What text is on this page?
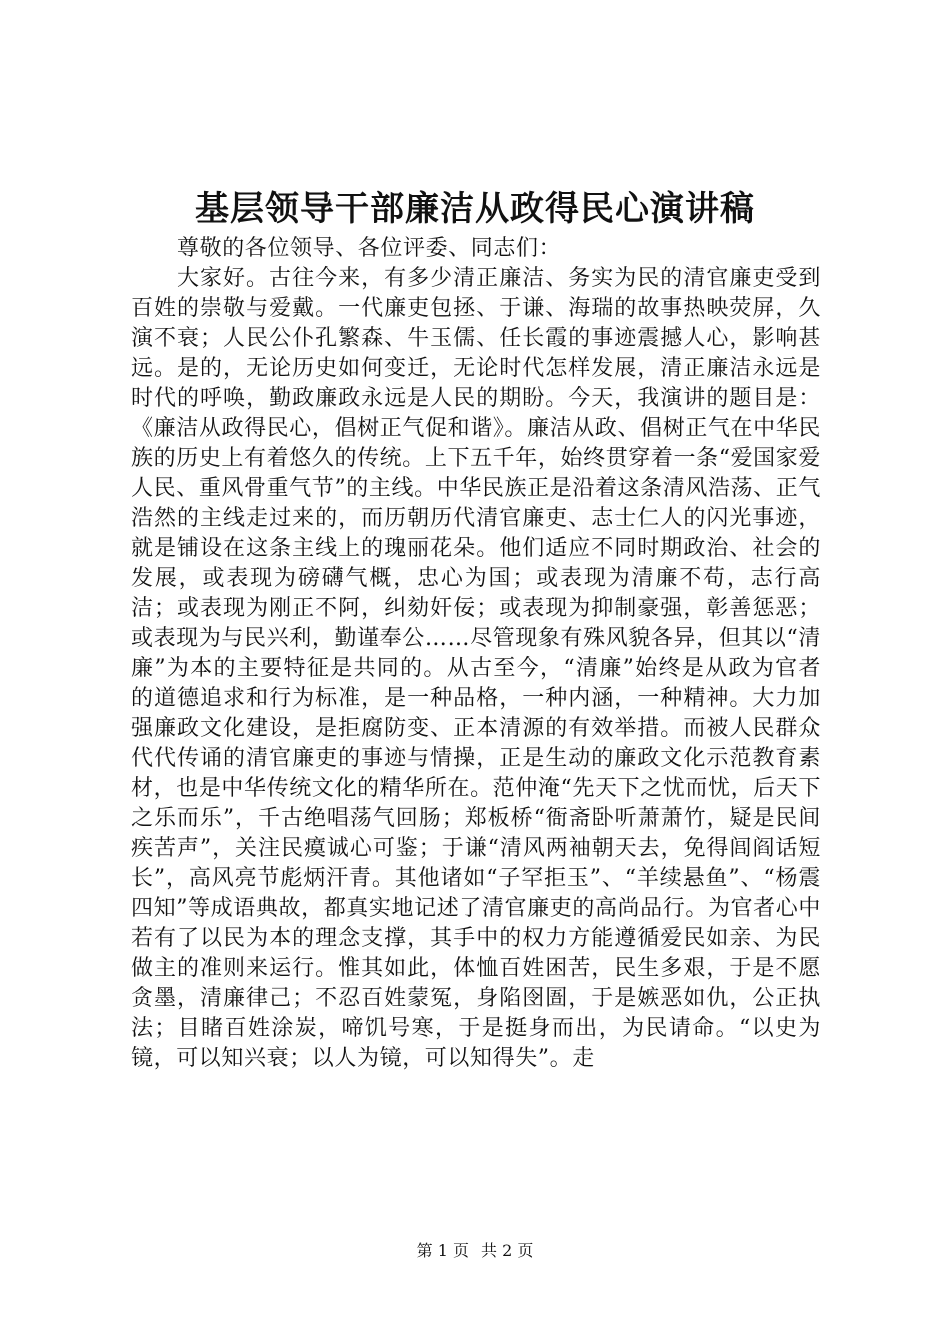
基层领导干部廉洁从政得民心演讲稿

尊敬的各位领导、各位评委、同志们：

大家好。古往今来，有多少清正廉洁、务实为民的清官廉吏受到百姓的崇敬与爱戴。一代廉吏包拯、于谦、海瑞的故事热映荧屏，久演不衰；人民公仆孔繁森、牛玉儒、任长霞的事迹震撼人心，影响甚远。是的，无论历史如何变迁，无论时代怎样发展，清正廉洁永远是时代的呼唤，勤政廉政永远是人民的期盼。今天，我演讲的题目是：《廉洁从政得民心，倡树正气促和谐》。廉洁从政、倡树正气在中华民族的历史上有着悠久的传统。上下五千年，始终贯穿着一条“爱国家爱人民、重风骨重气节”的主线。中华民族正是沿着这条清风浩荡、正气浩然的主线走过来的，而历朝历代清官廉吏、志士仁人的闪光事迹，就是铺设在这条主线上的瑰丽花朵。他们适应不同时期政治、社会的发展，或表现为磅礴气概，忠心为国；或表现为清廉不苟，志行高洁；或表现为刚正不阿，纠劾奸佞；或表现为抑制豪强，彰善惩恶；或表现为与民兴利，勤谨奉公……尽管现象有殊风貌各异，但其以“清廉”为本的主要特征是共同的。从古至今，“清廉”始终是从政为官者的道德追求和行为标准，是一种品格，一种内涵，一种精神。大力加强廉政文化建设，是拒腐防变、正本清源的有效举措。而被人民群众代代传诵的清官廉吏的事迹与情操，正是生动的廉政文化示范教育素材，也是中华传统文化的精华所在。范仲淹“先天下之忧而忧，后天下之乐而乐”，千古绝唱荡气回肠；郑板桥“衙斋卧听萧萧竹，疑是民间疾苦声”，关注民瘼诚心可鉴；于谦“清风两袖朝天去，免得闾阎话短长”，高风亮节彪炳汗青。其他诸如“子罕拒玉”、“羊续悬鱼”、“杨震四知”等成语典故，都真实地记述了清官廉吏的高尚品行。为官者心中若有了以民为本的理念支撑，其手中的权力方能遵循爱民如亲、为民做主的准则来运行。惟其如此，体恤百姓困苦，民生多艰，于是不愿贪墨，清廉律己；不忍百姓蒙冤，身陷囹圄，于是嫉恶如仇，公正执法；目睹百姓涂炭，啼饥号寒，于是挺身而出，为民请命。“以史为镜，可以知兴衰；以人为镜，可以知得失”。走

第 1 页 共 2 页
